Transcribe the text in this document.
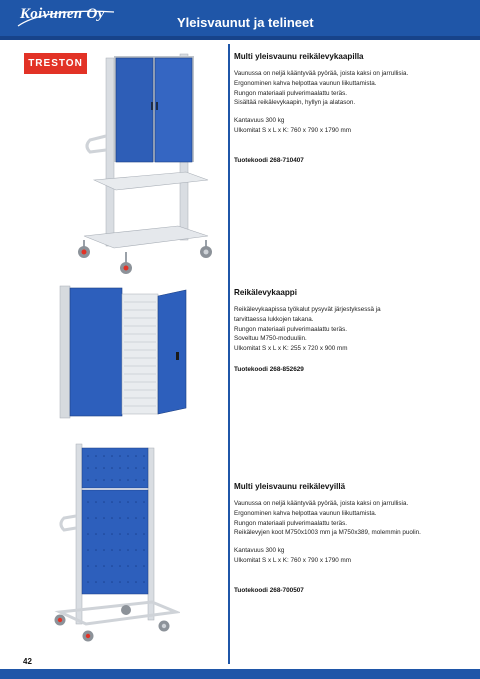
Koivunen Oy
Yleisvaunut ja telineet
TRESTON
Multi yleisvaunu reikälevykaapilla
Vaunussa on neljä kääntyvää pyörää, joista kaksi on jarrullisia.
Ergonominen kahva helpottaa vaunun liikuttamista.
Rungon materiaali pulverimaalattu teräs.
Sisältää reikälevykaapin, hyllyn ja alatason.
Kantavuus 300 kg
Ulkomitat S x L x K: 760 x 790 x 1790 mm
Tuotekoodi 268-710407
Reikälevykaappi
Reikälevykaapissa työkalut pysyvät järjestyksessä ja
tarvittaessa lukkojen takana.
Rungon materiaali pulverimaalattu teräs.
Soveltuu M750-moduuliin.
Ulkomitat S x L x K: 255 x 720 x 900 mm
Tuotekoodi 268-852629
Multi yleisvaunu reikälevyillä
Vaunussa on neljä kääntyvää pyörää, joista kaksi on jarrullisia.
Ergonominen kahva helpottaa vaunun liikuttamista.
Rungon materiaali pulverimaalattu teräs.
Reikälevyjen koot M750x1003 mm ja M750x389, molemmin puolin.
Kantavuus 300 kg
Ulkomitat S x L x K: 760 x 790 x 1790 mm
Tuotekoodi 268-700507
42
